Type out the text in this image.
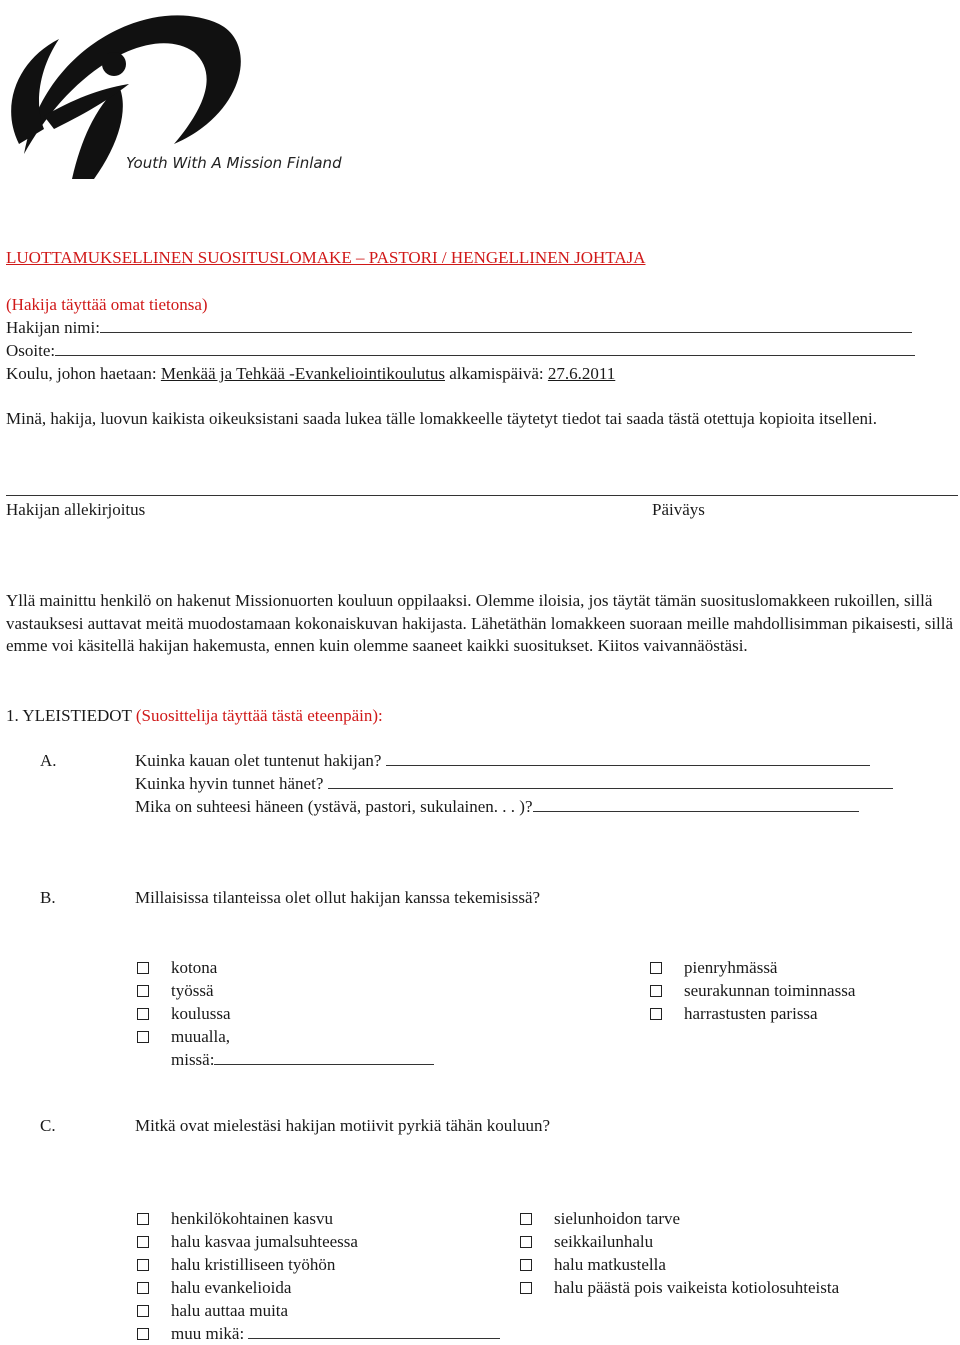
Youth With A Mission Finland
LUOTTAMUKSELLINEN SUOSITUSLOMAKE – PASTORI / HENGELLINEN JOHTAJA
(Hakija täyttää omat tietonsa)
Hakijan nimi:
Osoite:
Koulu, johon haetaan: Menkää ja Tehkää -Evankeliointikoulutus alkamispäivä: 27.6.2011
Minä, hakija, luovun kaikista oikeuksistani saada lukea tälle lomakkeelle täytetyt tiedot tai saada tästä otettuja kopioita itselleni.
Hakijan allekirjoitus	Päiväys
Yllä mainittu henkilö on hakenut Missionuorten kouluun oppilaaksi. Olemme iloisia, jos täytät tämän suosituslomakkeen rukoillen, sillä vastauksesi auttavat meitä muodostamaan kokonaiskuvan hakijasta. Lähetäthän lomakkeen suoraan meille mahdollisimman pikaisesti, sillä emme voi käsitellä hakijan hakemusta, ennen kuin olemme saaneet kaikki suositukset. Kiitos vaivannäöstäsi.
1. YLEISTIEDOT (Suosittelija täyttää tästä eteenpäin):
A.	Kuinka kauan olet tuntenut hakijan?
Kuinka hyvin tunnet hänet?
Mika on suhteesi häneen (ystävä, pastori, sukulainen. . . )?
B.	Millaisissa tilanteissa olet ollut hakijan kanssa tekemisissä?
kotona
työssä
koulussa
muualla,
missä:
pienryhmässä
seurakunnan toiminnassa
harrastusten parissa
C.	Mitkä ovat mielestäsi hakijan motiivit pyrkiä tähän kouluun?
henkilökohtainen kasvu
halu kasvaa jumalsuhteessa
halu kristilliseen työhön
halu evankelioida
halu auttaa muita
muu mikä:
sielunhoidon tarve
seikkailunhalu
halu matkustella
halu päästä pois vaikeista kotiolosuhteista
